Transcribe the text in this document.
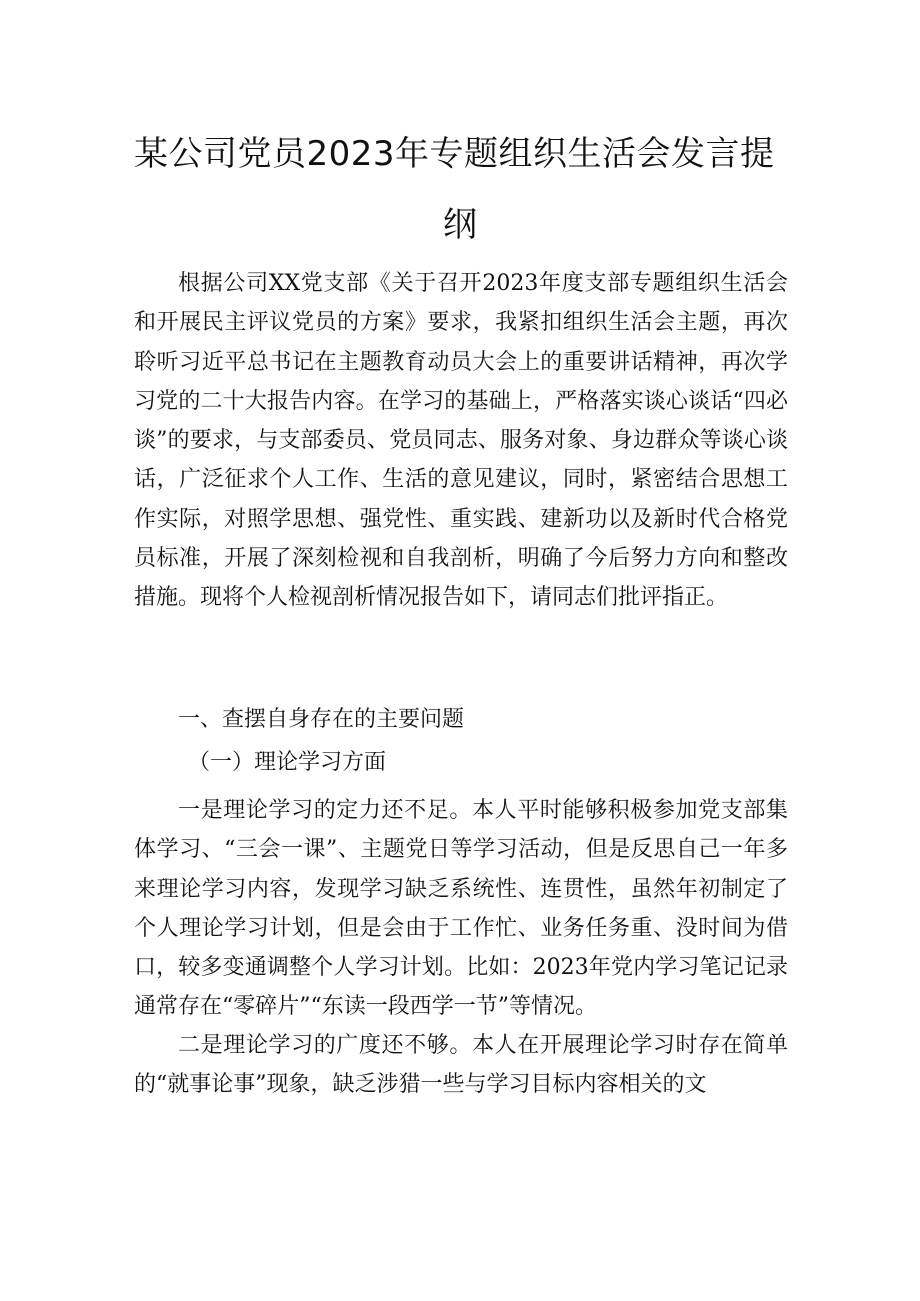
某公司党员2023年专题组织生活会发言提
纲

根据公司XX党支部《关于召开2023年度支部专题组织生活会和开展民主评议党员的方案》要求，我紧扣组织生活会主题，再次聆听习近平总书记在主题教育动员大会上的重要讲话精神，再次学习党的二十大报告内容。在学习的基础上，严格落实谈心谈话“四必谈”的要求，与支部委员、党员同志、服务对象、身边群众等谈心谈话，广泛征求个人工作、生活的意见建议，同时，紧密结合思想工作实际，对照学思想、强党性、重实践、建新功以及新时代合格党员标准，开展了深刻检视和自我剖析，明确了今后努力方向和整改措施。现将个人检视剖析情况报告如下，请同志们批评指正。

一、查摆自身存在的主要问题
（一）理论学习方面

一是理论学习的定力还不足。本人平时能够积极参加党支部集体学习、“三会一课”、主题党日等学习活动，但是反思自己一年多来理论学习内容，发现学习缺乏系统性、连贯性，虽然年初制定了个人理论学习计划，但是会由于工作忙、业务任务重、没时间为借口，较多变通调整个人学习计划。比如：2023年党内学习笔记记录通常存在“零碎片”“东读一段西学一节”等情况。

二是理论学习的广度还不够。本人在开展理论学习时存在简单的“就事论事”现象，缺乏涉猎一些与学习目标内容相关的文
